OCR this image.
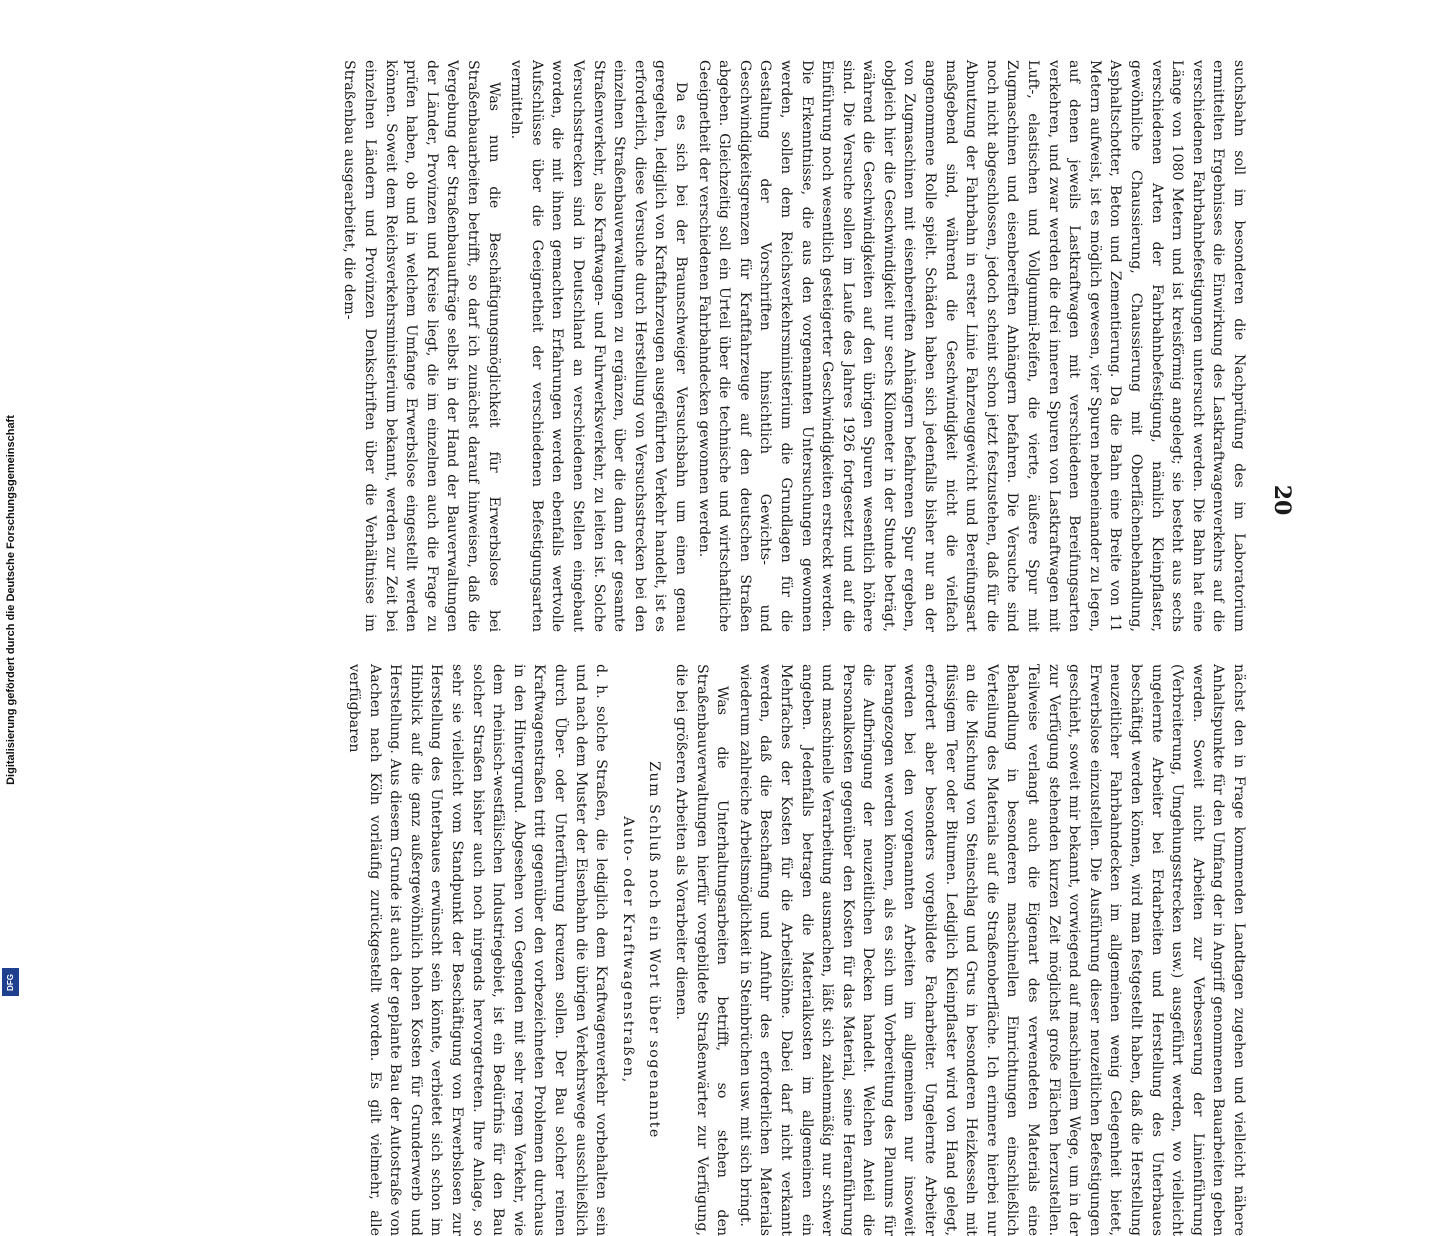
20

suchsbahn soll im besonderen die Nachprüfung des im Laboratorium ermittelten Ergebnisses die Einwirkung des Lastkraftwagenverkehrs auf die verschiedenen Fahrbahnbefestigungen untersucht werden. Die Bahn hat eine Länge von 1080 Metern und ist kreisförmig angelegt; sie besteht aus sechs verschiedenen Arten der Fahrbahnbefestigung, nämlich Kleinpflaster, gewöhnliche Chaussierung, Chaussierung mit Oberflächenbehandlung, Asphaltschotter, Beton und Zementierung. Da die Bahn eine Breite von 11 Metern aufweist, ist es möglich gewesen, vier Spuren nebeneinander zu legen, auf denen jeweils Lastkraftwagen mit verschiedenen Bereifungsarten verkehren, und zwar werden die drei inneren Spuren von Lastkraftwagen mit Luft-, elastischen und Vollgummi-Reifen, die vierte, äußere Spur mit Zugmaschinen und eisenbereiften Anhängern befahren. Die Versuche sind noch nicht abgeschlossen, jedoch scheint schon jetzt festzustehen, daß für die Abnutzung der Fahrbahn in erster Linie Fahrzeuggewicht und Bereifungsart maßgebend sind, während die Geschwindigkeit nicht die vielfach angenommene Rolle spielt. Schäden haben sich jedenfalls bisher nur an der von Zugmaschinen mit eisenbereiften Anhängern befahrenen Spur ergeben, obgleich hier die Geschwindigkeit nur sechs Kilometer in der Stunde beträgt, während die Geschwindigkeiten auf den übrigen Spuren wesentlich höhere sind. Die Versuche sollen im Laufe des Jahres 1926 fortgesetzt und auf die Einführung noch wesentlich gesteigerter Geschwindigkeiten erstreckt werden. Die Erkenntnisse, die aus den vorgenannten Untersuchungen gewonnen werden, sollen dem Reichsverkehrsministerium die Grundlagen für die Gestaltung der Vorschriften hinsichtlich Gewichts- und Geschwindigkeitsgrenzen für Kraftfahrzeuge auf den deutschen Straßen abgeben. Gleichzeitig soll ein Urteil über die technische und wirtschaftliche Geeignetheit der verschiedenen Fahrbahndecken gewonnen werden.

Da es sich bei der Braunschweiger Versuchsbahn um einen genau geregelten, lediglich von Kraftfahrzeugen ausgeführten Verkehr handelt, ist es erforderlich, diese Versuche durch Herstellung von Versuchsstrecken bei den einzelnen Straßenbauverwaltungen zu ergänzen, über die dann der gesamte Straßenverkehr, also Kraftwagen- und Fuhrwerksverkehr, zu leiten ist. Solche Versuchsstrecken sind in Deutschland an verschiedenen Stellen eingebaut worden, die mit ihnen gemachten Erfahrungen werden ebenfalls wertvolle Aufschlüsse über die Geeignetheit der verschiedenen Befestigungsarten vermitteln.

Was nun die Beschäftigungsmöglichkeit für Erwerbslose bei Straßenbauarbeiten betrifft, so darf ich zunächst darauf hinweisen, daß die Vergebung der Straßenbauaufträge selbst in der Hand der Bauverwaltungen der Länder, Provinzen und Kreise liegt, die im einzelnen auch die Frage zu prüfen haben, ob und in welchem Umfange Erwerbslose eingestellt werden können. Soweit dem Reichsverkehrsministerium bekannt, werden zur Zeit bei einzelnen Ländern und Provinzen Denkschriften über die Verhältnisse im Straßenbau ausgearbeitet, die dem-

nächst den in Frage kommenden Landtagen zugehen und vielleicht nähere Anhaltspunkte für den Umfang der in Angriff genommenen Bauarbeiten geben werden. Soweit nicht Arbeiten zur Verbesserung der Linienführung (Verbreiterung, Umgehungsstrecken usw.) ausgeführt werden, wo vielleicht ungelernte Arbeiter bei Erdarbeiten und Herstellung des Unterbaues beschäftigt werden können, wird man festgestellt haben, daß die Herstellung neuzeitlicher Fahrbahndecken im allgemeinen wenig Gelegenheit bietet, Erwerbslose einzustellen. Die Ausführung dieser neuzeitlichen Befestigungen geschieht, soweit mir bekannt, vorwiegend auf maschinellem Wege, um in der zur Verfügung stehenden kurzen Zeit möglichst große Flächen herzustellen. Teilweise verlangt auch die Eigenart des verwendeten Materials eine Behandlung in besonderen maschinellen Einrichtungen einschließlich Verteilung des Materials auf die Straßenoberfläche. Ich erinnere hierbei nur an die Mischung von Steinschlag und Grus in besonderen Heizkesseln mit flüssigem Teer oder Bitumen. Lediglich Kleinpflaster wird von Hand gelegt, erfordert aber besonders vorgebildete Facharbeiter. Ungelernte Arbeiter werden bei den vorgenannten Arbeiten im allgemeinen nur insoweit herangezogen werden können, als es sich um Vorbereitung des Planums für die Aufbringung der neuzeitlichen Decken handelt. Welchen Anteil die Personalkosten gegenüber den Kosten für das Material, seine Heranführung und maschinelle Verarbeitung ausmachen, läßt sich zahlenmäßig nur schwer angeben. Jedenfalls betragen die Materialkosten im allgemeinen ein Mehrfaches der Kosten für die Arbeitslöhne. Dabei darf nicht verkannt werden, daß die Beschaffung und Anfuhr des erforderlichen Materials wiederum zahlreiche Arbeitsmöglichkeit in Steinbrüchen usw. mit sich bringt.

Was die Unterhaltungsarbeiten betrifft, so stehen den Straßenbauverwaltungen hierfür vorgebildete Straßenwärter zur Verfügung, die bei größeren Arbeiten als Vorarbeiter dienen.

Zum Schluß noch ein Wort über sogenannte

Auto- oder Kraftwagenstraßen,

d. h. solche Straßen, die lediglich dem Kraftwagenverkehr vorbehalten sein und nach dem Muster der Eisenbahn die übrigen Verkehrswege ausschließlich durch Über- oder Unterführung kreuzen sollen. Der Bau solcher reinen Kraftwagenstraßen tritt gegenüber den vorbezeichneten Problemen durchaus in den Hintergrund. Abgesehen von Gegenden mit sehr regem Verkehr, wie dem rheinisch-westfälischen Industriegebiet, ist ein Bedürfnis für den Bau solcher Straßen bisher auch noch nirgends hervorgetreten. Ihre Anlage, so sehr sie vielleicht vom Standpunkt der Beschäftigung von Erwerbslosen zur Herstellung des Unterbaues erwünscht sein könnte, verbietet sich schon im Hinblick auf die ganz außergewöhnlich hohen Kosten für Grunderwerb und Herstellung. Aus diesem Grunde ist auch der geplante Bau der Autostraße von Aachen nach Köln vorläufig zurückgestellt worden. Es gilt vielmehr, alle verfügbaren

Digitalisierung gefördert durch die Deutsche Forschungsgemeinschaft
DFG
